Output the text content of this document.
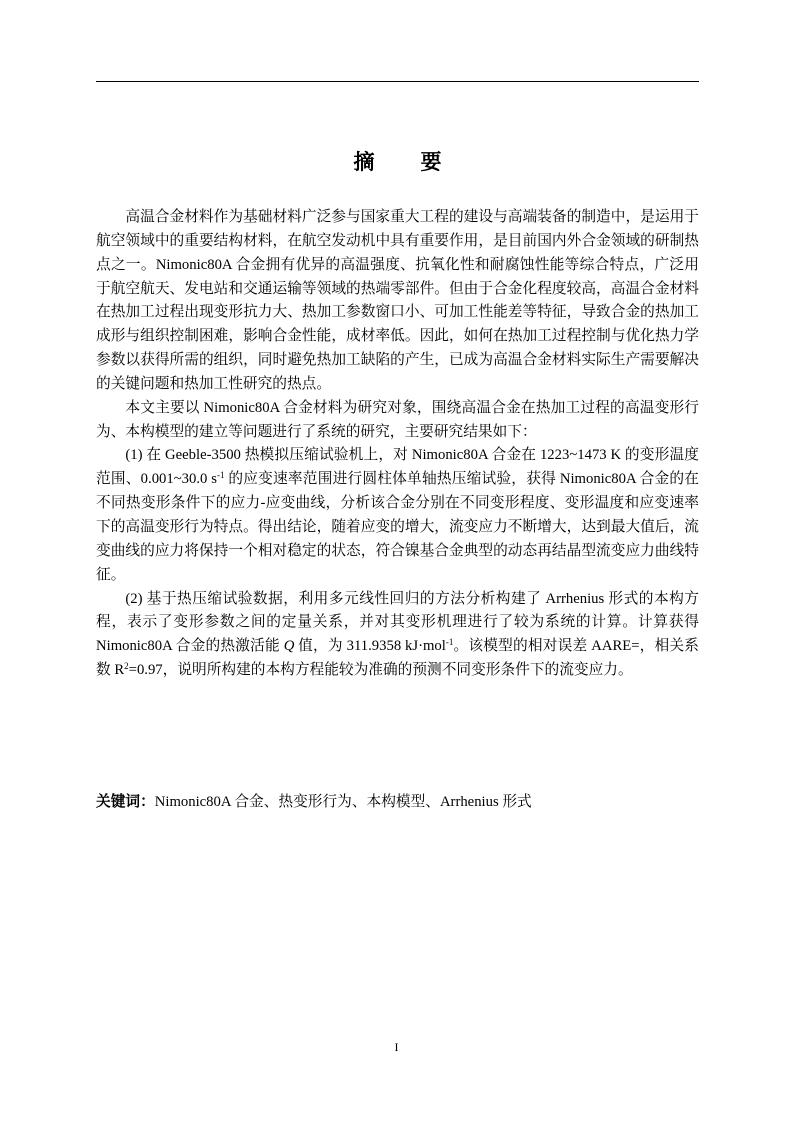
摘 要

高温合金材料作为基础材料广泛参与国家重大工程的建设与高端装备的制造中，是运用于航空领域中的重要结构材料，在航空发动机中具有重要作用，是目前国内外合金领域的研制热点之一。Nimonic80A 合金拥有优异的高温强度、抗氧化性和耐腐蚀性能等综合特点，广泛用于航空航天、发电站和交通运输等领域的热端零部件。但由于合金化程度较高，高温合金材料在热加工过程出现变形抗力大、热加工参数窗口小、可加工性能差等特征，导致合金的热加工成形与组织控制困难，影响合金性能，成材率低。因此，如何在热加工过程控制与优化热力学参数以获得所需的组织，同时避免热加工缺陷的产生，已成为高温合金材料实际生产需要解决的关键问题和热加工性研究的热点。

本文主要以 Nimonic80A 合金材料为研究对象，围绕高温合金在热加工过程的高温变形行为、本构模型的建立等问题进行了系统的研究，主要研究结果如下：

(1) 在 Geeble-3500 热模拟压缩试验机上，对 Nimonic80A 合金在 1223~1473 K 的变形温度范围、0.001~30.0 $s^{-1}$ 的应变速率范围进行圆柱体单轴热压缩试验，获得 Nimonic80A 合金的在不同热变形条件下的应力-应变曲线，分析该合金分别在不同变形程度、变形温度和应变速率下的高温变形行为特点。得出结论，随着应变的增大，流变应力不断增大，达到最大值后，流变曲线的应力将保持一个相对稳定的状态，符合镍基合金典型的动态再结晶型流变应力曲线特征。

(2) 基于热压缩试验数据，利用多元线性回归的方法分析构建了 Arrhenius 形式的本构方程，表示了变形参数之间的定量关系，并对其变形机理进行了较为系统的计算。计算获得 Nimonic80A 合金的热激活能 Q 值，为 311.9358 kJ·mol$^{-1}$。该模型的相对误差 AARE=，相关系数 $R^2=0.97$，说明所构建的本构方程能较为准确的预测不同变形条件下的流变应力。

关键词：Nimonic80A 合金、热变形行为、本构模型、Arrhenius 形式

I
